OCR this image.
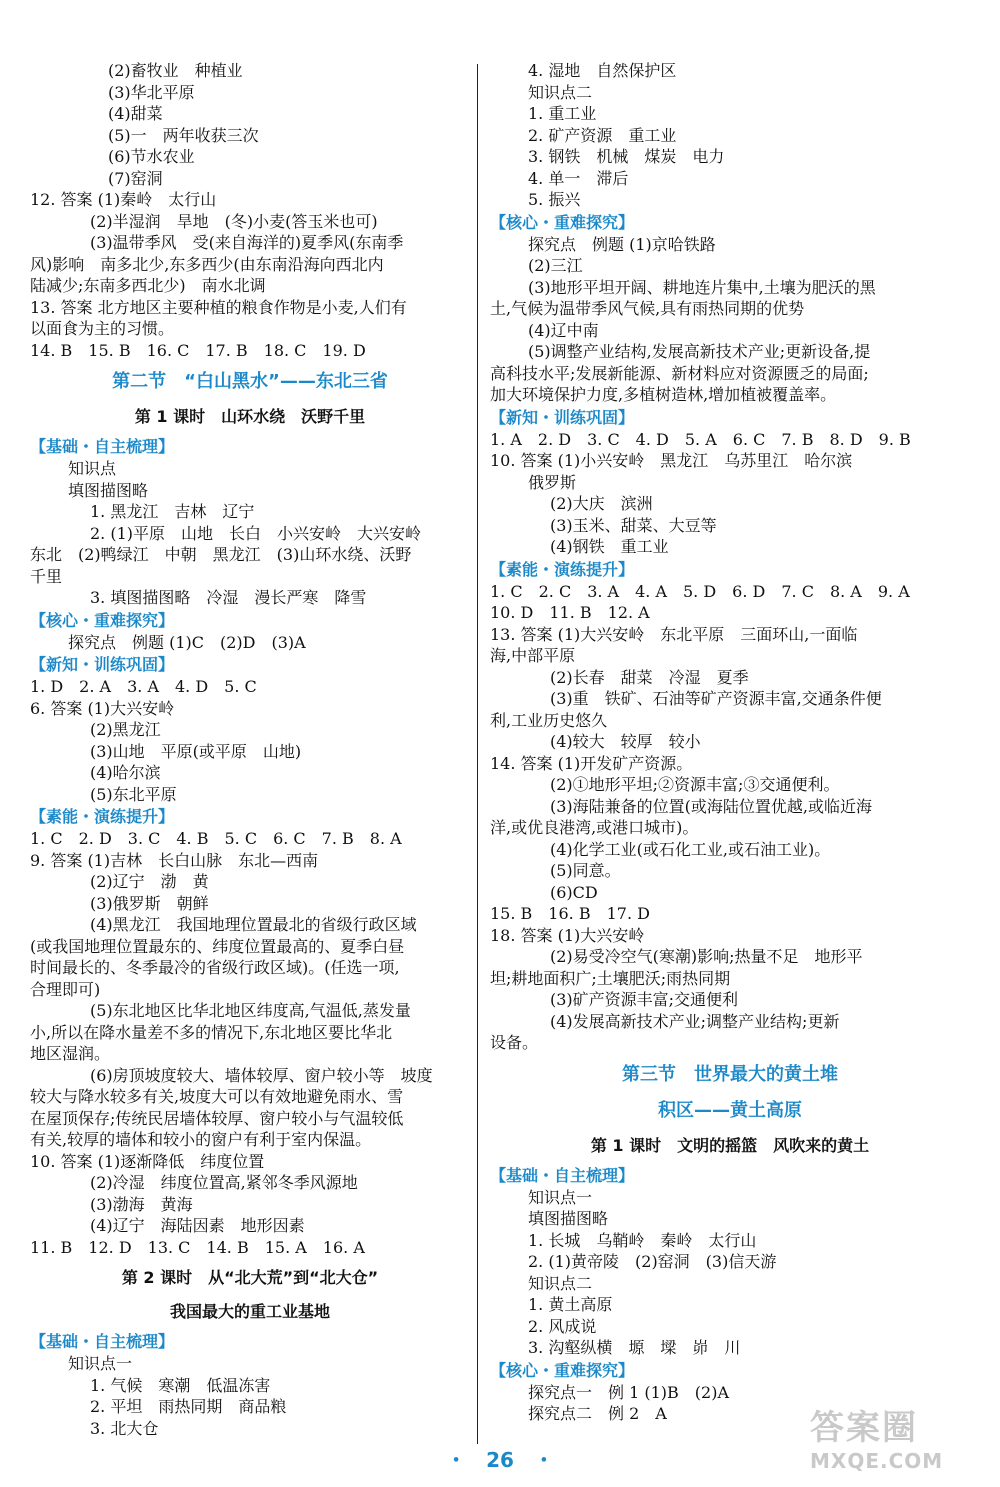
(2)畜牧业　种植业
(3)华北平原
(4)甜菜
(5)一　两年收获三次
(6)节水农业
(7)窑洞
12. 答案 (1)秦岭　太行山
(2)半湿润　旱地　(冬)小麦(答玉米也可)
(3)温带季风　受(来自海洋的)夏季风(东南季
风)影响　南多北少,东多西少(由东南沿海向西北内
陆减少;东南多西北少)　南水北调
13. 答案 北方地区主要种植的粮食作物是小麦,人们有
以面食为主的习惯。
14. B　15. B　16. C　17. B　18. C　19. D
第二节　“白山黑水”——东北三省
第 1 课时　山环水绕　沃野千里
【基础・自主梳理】
知识点
填图描图略
1. 黑龙江　吉林　辽宁
2. (1)平原　山地　长白　小兴安岭　大兴安岭
东北　(2)鸭绿江　中朝　黑龙江　(3)山环水绕、沃野
千里
3. 填图描图略　冷湿　漫长严寒　降雪
【核心・重难探究】
探究点　例题 (1)C　(2)D　(3)A
【新知・训练巩固】
1. D　2. A　3. A　4. D　5. C
6. 答案 (1)大兴安岭
(2)黑龙江
(3)山地　平原(或平原　山地)
(4)哈尔滨
(5)东北平原
【素能・演练提升】
1. C　2. D　3. C　4. B　5. C　6. C　7. B　8. A
9. 答案 (1)吉林　长白山脉　东北—西南
(2)辽宁　渤　黄
(3)俄罗斯　朝鲜
(4)黑龙江　我国地理位置最北的省级行政区域
(或我国地理位置最东的、纬度位置最高的、夏季白昼
时间最长的、冬季最冷的省级行政区域)。(任选一项,
合理即可)
(5)东北地区比华北地区纬度高,气温低,蒸发量
小,所以在降水量差不多的情况下,东北地区要比华北
地区湿润。
(6)房顶坡度较大、墙体较厚、窗户较小等　坡度
较大与降水较多有关,坡度大可以有效地避免雨水、雪
在屋顶保存;传统民居墙体较厚、窗户较小与气温较低
有关,较厚的墙体和较小的窗户有利于室内保温。
10. 答案 (1)逐渐降低　纬度位置
(2)冷湿　纬度位置高,紧邻冬季风源地
(3)渤海　黄海
(4)辽宁　海陆因素　地形因素
11. B　12. D　13. C　14. B　15. A　16. A
第 2 课时　从“北大荒”到“北大仓”
我国最大的重工业基地
【基础・自主梳理】
知识点一
1. 气候　寒潮　低温冻害
2. 平坦　雨热同期　商品粮
3. 北大仓
4. 湿地　自然保护区
知识点二
1. 重工业
2. 矿产资源　重工业
3. 钢铁　机械　煤炭　电力
4. 单一　滞后
5. 振兴
【核心・重难探究】
探究点　例题 (1)京哈铁路
(2)三江
(3)地形平坦开阔、耕地连片集中,土壤为肥沃的黑
土,气候为温带季风气候,具有雨热同期的优势
(4)辽中南
(5)调整产业结构,发展高新技术产业;更新设备,提
高科技水平;发展新能源、新材料应对资源匮乏的局面;
加大环境保护力度,多植树造林,增加植被覆盖率。
【新知・训练巩固】
1. A　2. D　3. C　4. D　5. A　6. C　7. B　8. D　9. B
10. 答案 (1)小兴安岭　黑龙江　乌苏里江　哈尔滨
俄罗斯
(2)大庆　滨洲
(3)玉米、甜菜、大豆等
(4)钢铁　重工业
【素能・演练提升】
1. C　2. C　3. A　4. A　5. D　6. D　7. C　8. A　9. A
10. D　11. B　12. A
13. 答案 (1)大兴安岭　东北平原　三面环山,一面临
海,中部平原
(2)长春　甜菜　冷湿　夏季
(3)重　铁矿、石油等矿产资源丰富,交通条件便
利,工业历史悠久
(4)较大　较厚　较小
14. 答案 (1)开发矿产资源。
(2)①地形平坦;②资源丰富;③交通便利。
(3)海陆兼备的位置(或海陆位置优越,或临近海
洋,或优良港湾,或港口城市)。
(4)化学工业(或石化工业,或石油工业)。
(5)同意。
(6)CD
15. B　16. B　17. D
18. 答案 (1)大兴安岭
(2)易受冷空气(寒潮)影响;热量不足　地形平
坦;耕地面积广;土壤肥沃;雨热同期
(3)矿产资源丰富;交通便利
(4)发展高新技术产业;调整产业结构;更新
设备。
第三节　世界最大的黄土堆
积区——黄土高原
第 1 课时　文明的摇篮　风吹来的黄土
【基础・自主梳理】
知识点一
填图描图略
1. 长城　乌鞘岭　秦岭　太行山
2. (1)黄帝陵　(2)窑洞　(3)信天游
知识点二
1. 黄土高原
2. 风成说
3. 沟壑纵横　塬　墚　峁　川
【核心・重难探究】
探究点一　例 1 (1)B　(2)A
探究点二　例 2　A
・　26　・
答案圈
MXQE.COM
